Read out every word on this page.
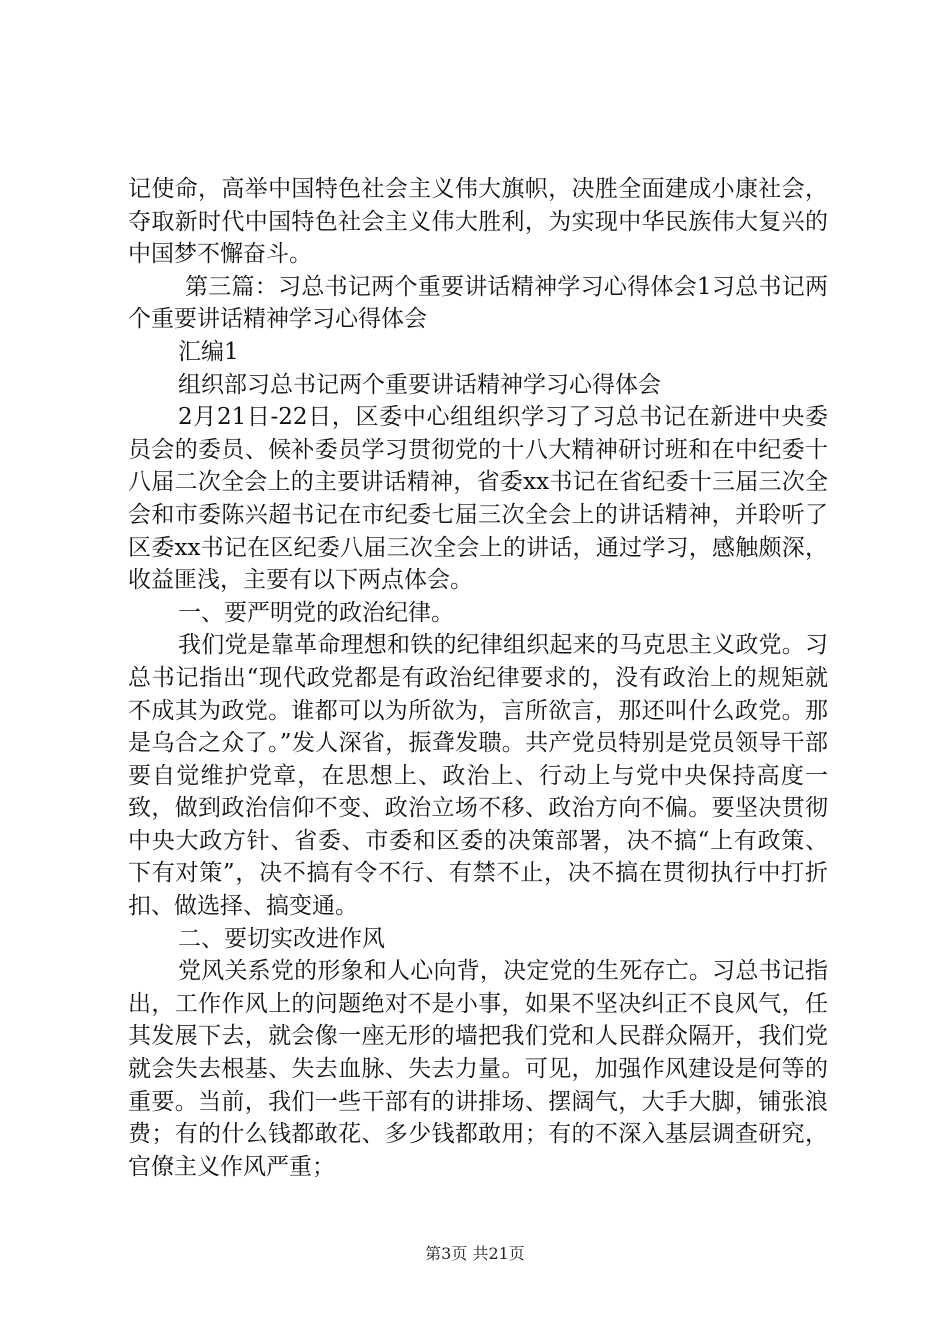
记使命，高举中国特色社会主义伟大旗帜，决胜全面建成小康社会，夺取新时代中国特色社会主义伟大胜利，为实现中华民族伟大复兴的中国梦不懈奋斗。

第三篇：习总书记两个重要讲话精神学习心得体会1习总书记两个重要讲话精神学习心得体会

汇编1

组织部习总书记两个重要讲话精神学习心得体会

2月21日-22日，区委中心组组织学习了习总书记在新进中央委员会的委员、候补委员学习贯彻党的十八大精神研讨班和在中纪委十八届二次全会上的主要讲话精神，省委xx书记在省纪委十三届三次全会和市委陈兴超书记在市纪委七届三次全会上的讲话精神，并聆听了区委xx书记在区纪委八届三次全会上的讲话，通过学习，感触颇深，收益匪浅，主要有以下两点体会。

一、要严明党的政治纪律。

我们党是靠革命理想和铁的纪律组织起来的马克思主义政党。习总书记指出“现代政党都是有政治纪律要求的，没有政治上的规矩就不成其为政党。谁都可以为所欲为，言所欲言，那还叫什么政党。那是乌合之众了。”发人深省，振聋发聩。共产党员特别是党员领导干部要自觉维护党章，在思想上、政治上、行动上与党中央保持高度一致，做到政治信仰不变、政治立场不移、政治方向不偏。要坚决贯彻中央大政方针、省委、市委和区委的决策部署，决不搞“上有政策、下有对策”，决不搞有令不行、有禁不止，决不搞在贯彻执行中打折扣、做选择、搞变通。

二、要切实改进作风

党风关系党的形象和人心向背，决定党的生死存亡。习总书记指出，工作作风上的问题绝对不是小事，如果不坚决纠正不良风气，任其发展下去，就会像一座无形的墙把我们党和人民群众隔开，我们党就会失去根基、失去血脉、失去力量。可见，加强作风建设是何等的重要。当前，我们一些干部有的讲排场、摆阔气，大手大脚，铺张浪费；有的什么钱都敢花、多少钱都敢用；有的不深入基层调查研究，官僚主义作风严重；

第3页 共21页
